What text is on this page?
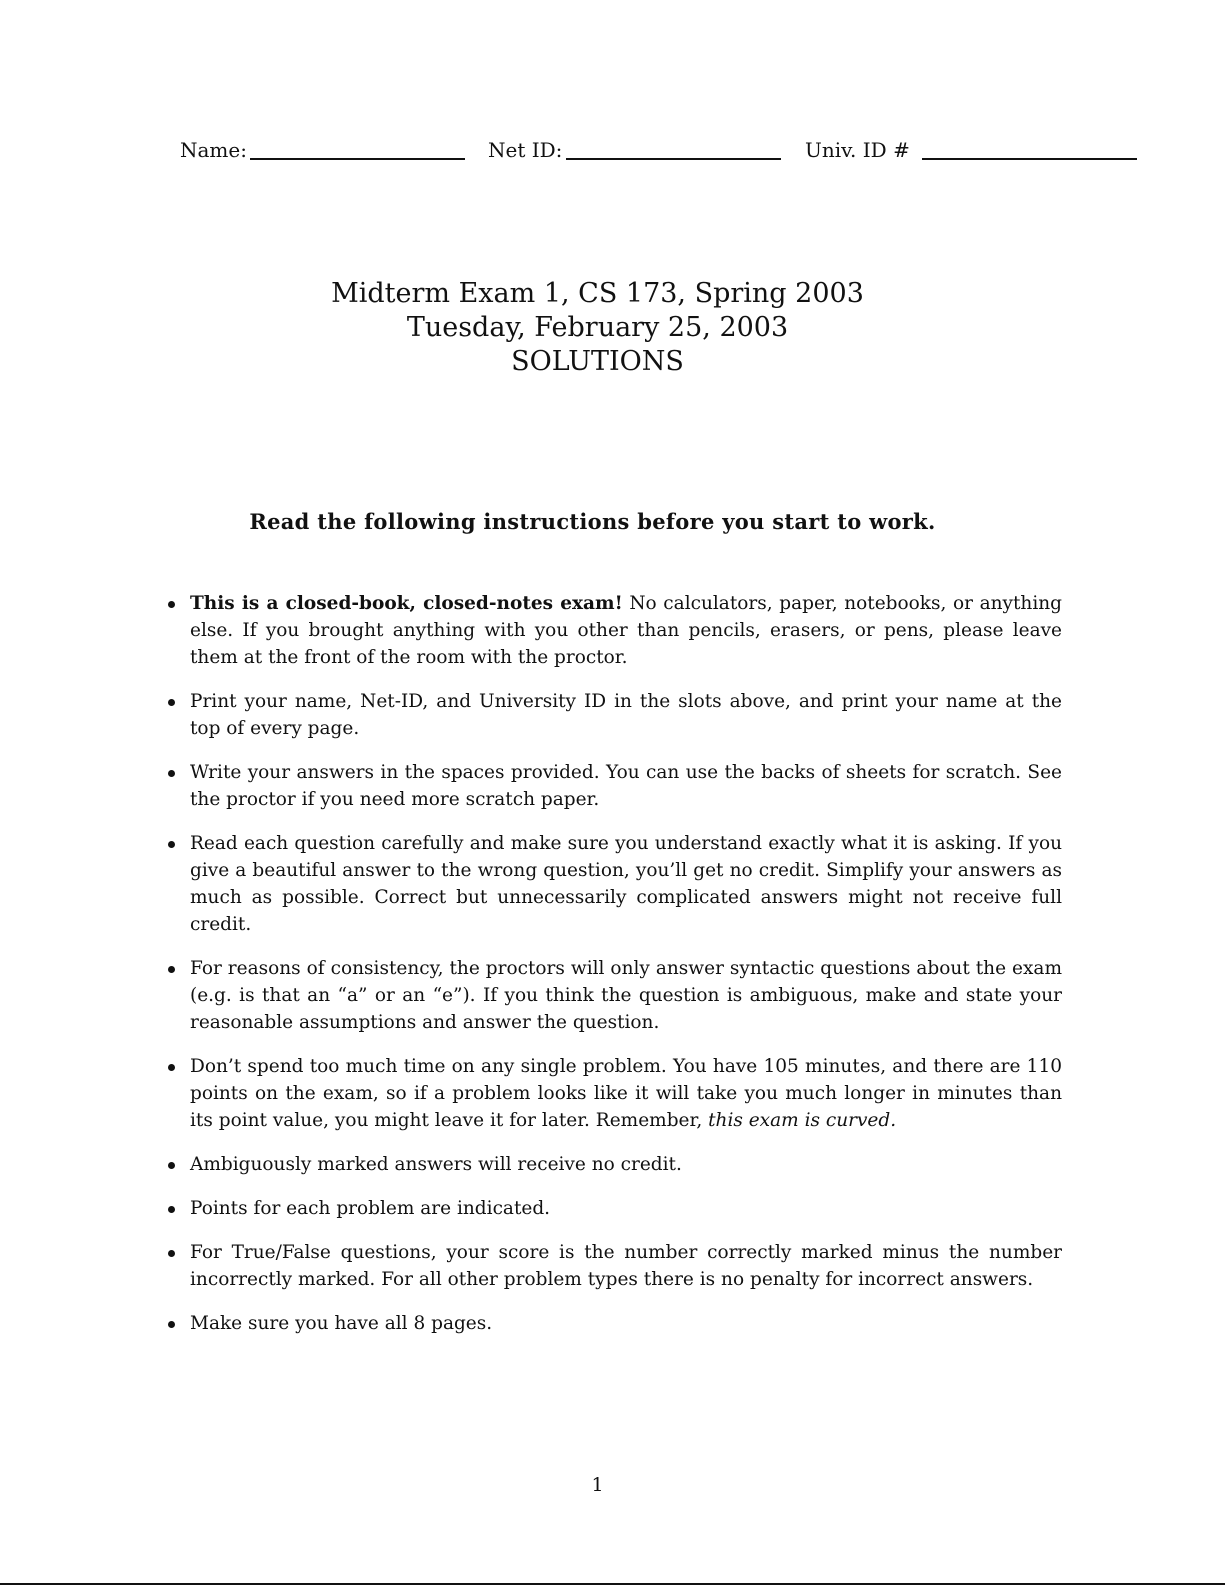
Name:	Net ID:	Univ. ID #
Midterm Exam 1, CS 173, Spring 2003
Tuesday, February 25, 2003
SOLUTIONS
Read the following instructions before you start to work.
This is a closed-book, closed-notes exam! No calculators, paper, notebooks, or anything else. If you brought anything with you other than pencils, erasers, or pens, please leave them at the front of the room with the proctor.
Print your name, Net-ID, and University ID in the slots above, and print your name at the top of every page.
Write your answers in the spaces provided. You can use the backs of sheets for scratch. See the proctor if you need more scratch paper.
Read each question carefully and make sure you understand exactly what it is asking. If you give a beautiful answer to the wrong question, you’ll get no credit. Simplify your answers as much as possible. Correct but unnecessarily complicated answers might not receive full credit.
For reasons of consistency, the proctors will only answer syntactic questions about the exam (e.g. is that an “a” or an “e”). If you think the question is ambiguous, make and state your reasonable assumptions and answer the question.
Don’t spend too much time on any single problem. You have 105 minutes, and there are 110 points on the exam, so if a problem looks like it will take you much longer in minutes than its point value, you might leave it for later. Remember, this exam is curved.
Ambiguously marked answers will receive no credit.
Points for each problem are indicated.
For True/False questions, your score is the number correctly marked minus the number incorrectly marked. For all other problem types there is no penalty for incorrect answers.
Make sure you have all 8 pages.
1
